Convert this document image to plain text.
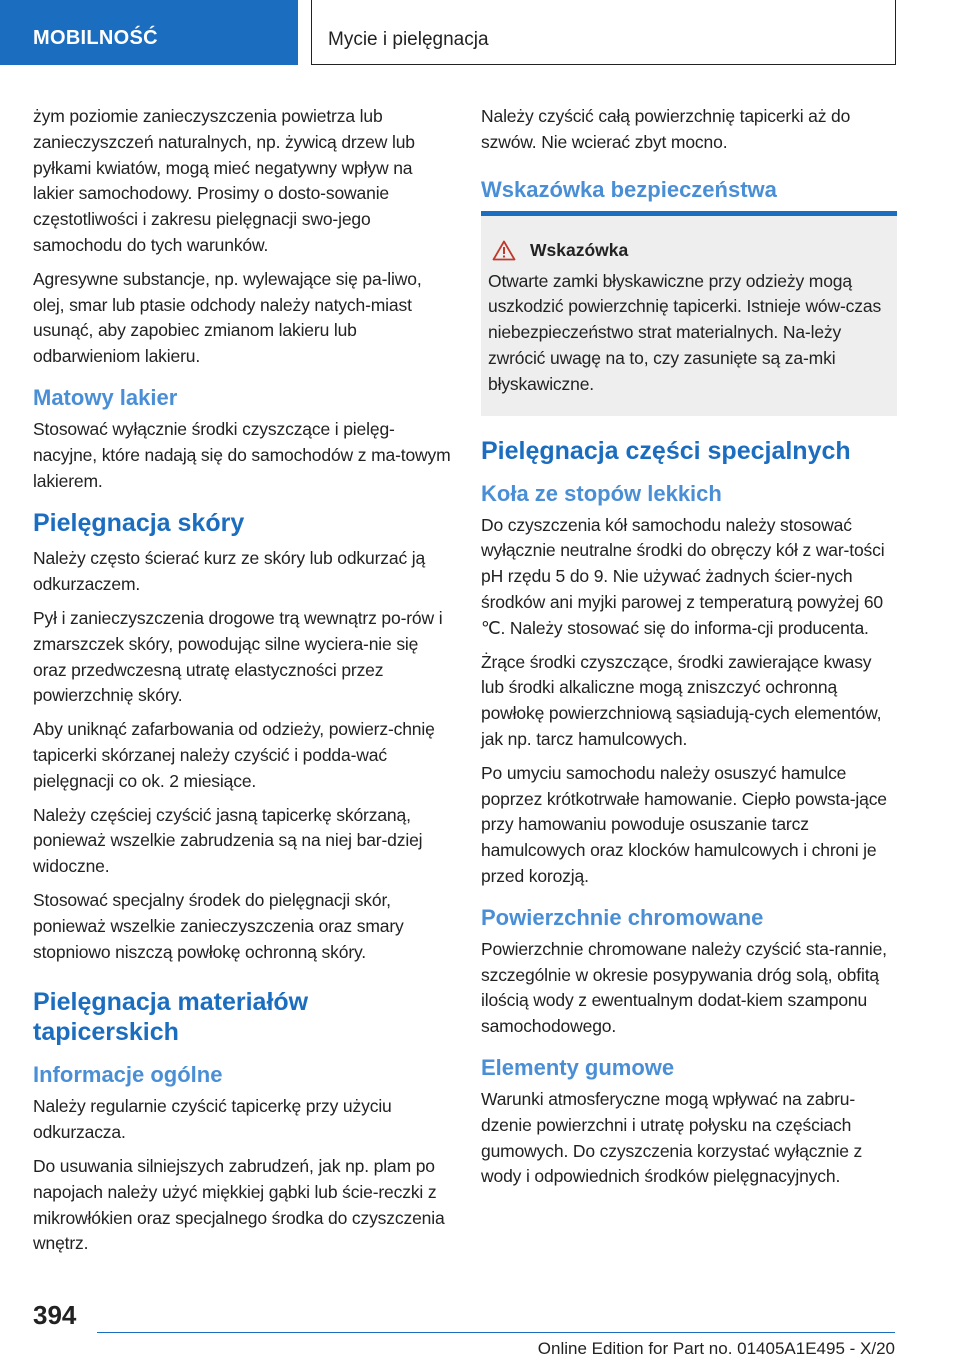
MOBILNOŚĆ	Mycie i pielęgnacja

żym poziomie zanieczyszczenia powietrza lub zanieczyszczeń naturalnych, np. żywicą drzew lub pyłkami kwiatów, mogą mieć negatywny wpływ na lakier samochodowy. Prosimy o dosto-sowanie częstotliwości i zakresu pielęgnacji swo-jego samochodu do tych warunków.

Agresywne substancje, np. wylewające się pa-liwo, olej, smar lub ptasie odchody należy natych-miast usunąć, aby zapobiec zmianom lakieru lub odbarwieniom lakieru.

Matowy lakier

Stosować wyłącznie środki czyszczące i pielęg-nacyjne, które nadają się do samochodów z ma-towym lakierem.

Pielęgnacja skóry

Należy często ścierać kurz ze skóry lub odkurzać ją odkurzaczem.

Pył i zanieczyszczenia drogowe trą wewnątrz po-rów i zmarszczek skóry, powodując silne wyciera-nie się oraz przedwczesną utratę elastyczności przez powierzchnię skóry.

Aby uniknąć zafarbowania od odzieży, powierz-chnię tapicerki skórzanej należy czyścić i podda-wać pielęgnacji co ok. 2 miesiące.

Należy częściej czyścić jasną tapicerkę skórzaną, ponieważ wszelkie zabrudzenia są na niej bar-dziej widoczne.

Stosować specjalny środek do pielęgnacji skór, ponieważ wszelkie zanieczyszczenia oraz smary stopniowo niszczą powłokę ochronną skóry.

Pielęgnacja materiałów tapicerskich
Informacje ogólne

Należy regularnie czyścić tapicerkę przy użyciu odkurzacza.

Do usuwania silniejszych zabrudzeń, jak np. plam po napojach należy użyć miękkiej gąbki lub ście-reczki z mikrowłókien oraz specjalnego środka do czyszczenia wnętrz.

Należy czyścić całą powierzchnię tapicerki aż do szwów. Nie wcierać zbyt mocno.

Wskazówka bezpieczeństwa
Wskazówka

Otwarte zamki błyskawiczne przy odzieży mogą uszkodzić powierzchnię tapicerki. Istnieje wów-czas niebezpieczeństwo strat materialnych. Na-leży zwrócić uwagę na to, czy zasunięte są za-mki błyskawiczne.

Pielęgnacja części specjalnych
Koła ze stopów lekkich

Do czyszczenia kół samochodu należy stosować wyłącznie neutralne środki do obręczy kół z war-tości pH rzędu 5 do 9. Nie używać żadnych ścier-nych środków ani myjki parowej z temperaturą powyżej 60 ℃. Należy stosować się do informa-cji producenta.

Żrące środki czyszczące, środki zawierające kwasy lub środki alkaliczne mogą zniszczyć ochronną powłokę powierzchniową sąsiadują-cych elementów, jak np. tarcz hamulcowych.

Po umyciu samochodu należy osuszyć hamulce poprzez krótkotrwałe hamowanie. Ciepło powsta-jące przy hamowaniu powoduje osuszanie tarcz hamulcowych oraz klocków hamulcowych i chroni je przed korozją.

Powierzchnie chromowane

Powierzchnie chromowane należy czyścić sta-rannie, szczególnie w okresie posypywania dróg solą, obfitą ilością wody z ewentualnym dodat-kiem szamponu samochodowego.

Elementy gumowe

Warunki atmosferyczne mogą wpływać na zabru-dzenie powierzchni i utratę połysku na częściach gumowych. Do czyszczenia korzystać wyłącznie z wody i odpowiednich środków pielęgnacyjnych.

394
Online Edition for Part no. 01405A1E495 - X/20
